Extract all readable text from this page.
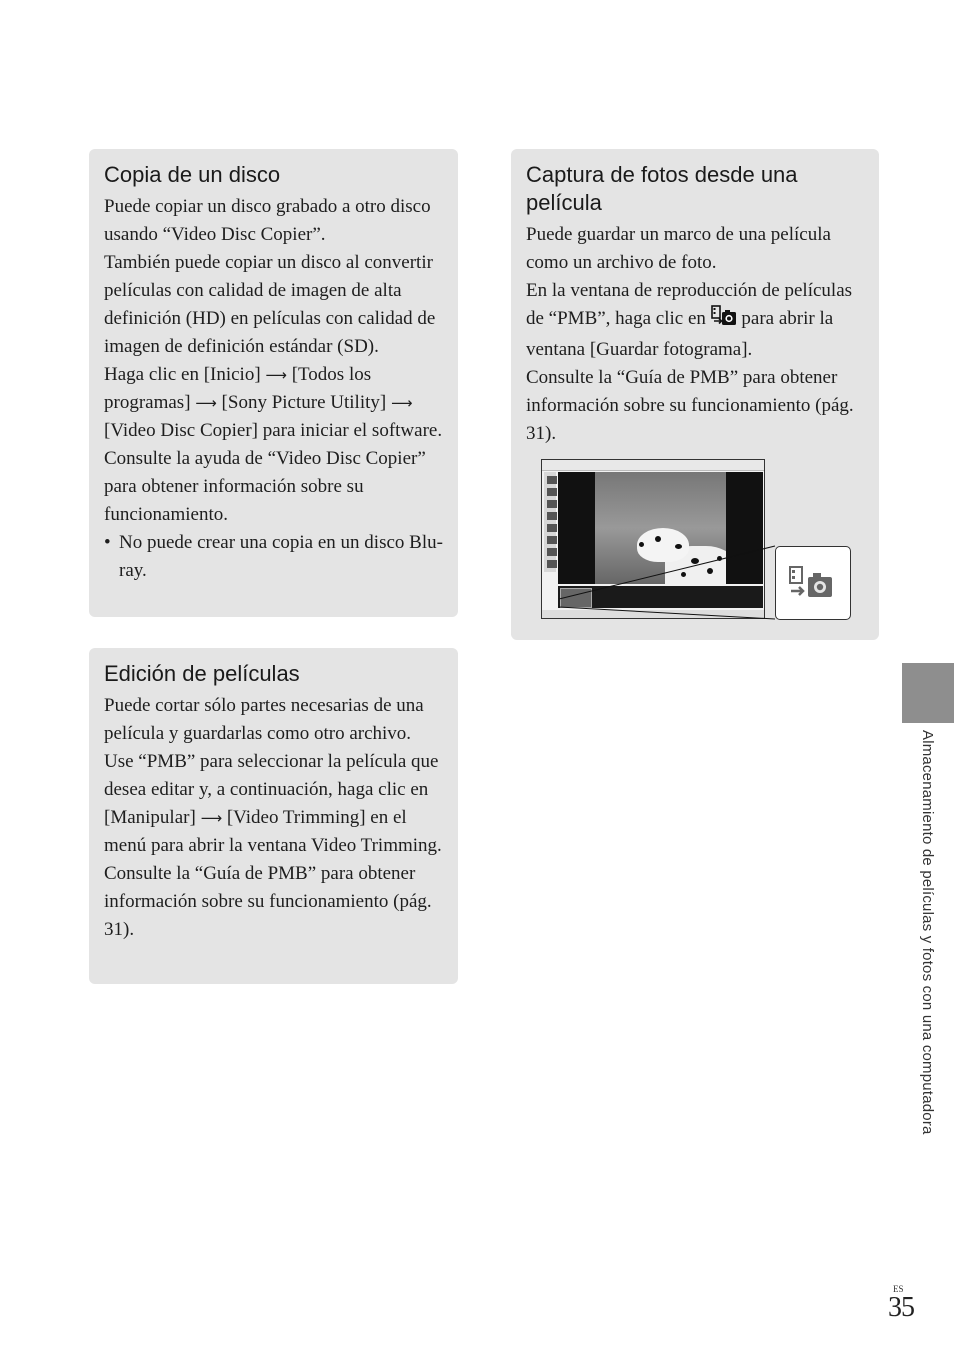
Copia de un disco

Puede copiar un disco grabado a otro disco usando “Video Disc Copier”.

También puede copiar un disco al convertir películas con calidad de imagen de alta definición (HD) en películas con calidad de imagen de definición estándar (SD).

Haga clic en [Inicio] ⟶ [Todos los programas] ⟶ [Sony Picture Utility] ⟶ [Video Disc Copier] para iniciar el software. Consulte la ayuda de “Video Disc Copier” para obtener información sobre su funcionamiento.

• No puede crear una copia en un disco Blu-ray.

Edición de películas

Puede cortar sólo partes necesarias de una película y guardarlas como otro archivo.

Use “PMB” para seleccionar la película que desea editar y, a continuación, haga clic en [Manipular] ⟶ [Video Trimming] en el menú para abrir la ventana Video Trimming. Consulte la “Guía de PMB” para obtener información sobre su funcionamiento (pág. 31).

Captura de fotos desde una película

Puede guardar un marco de una película como un archivo de foto.

En la ventana de reproducción de películas de “PMB”, haga clic en  para abrir la ventana [Guardar fotograma].

Consulte la “Guía de PMB” para obtener información sobre su funcionamiento (pág. 31).

Almacenamiento de películas y fotos con una computadora
ES
35
